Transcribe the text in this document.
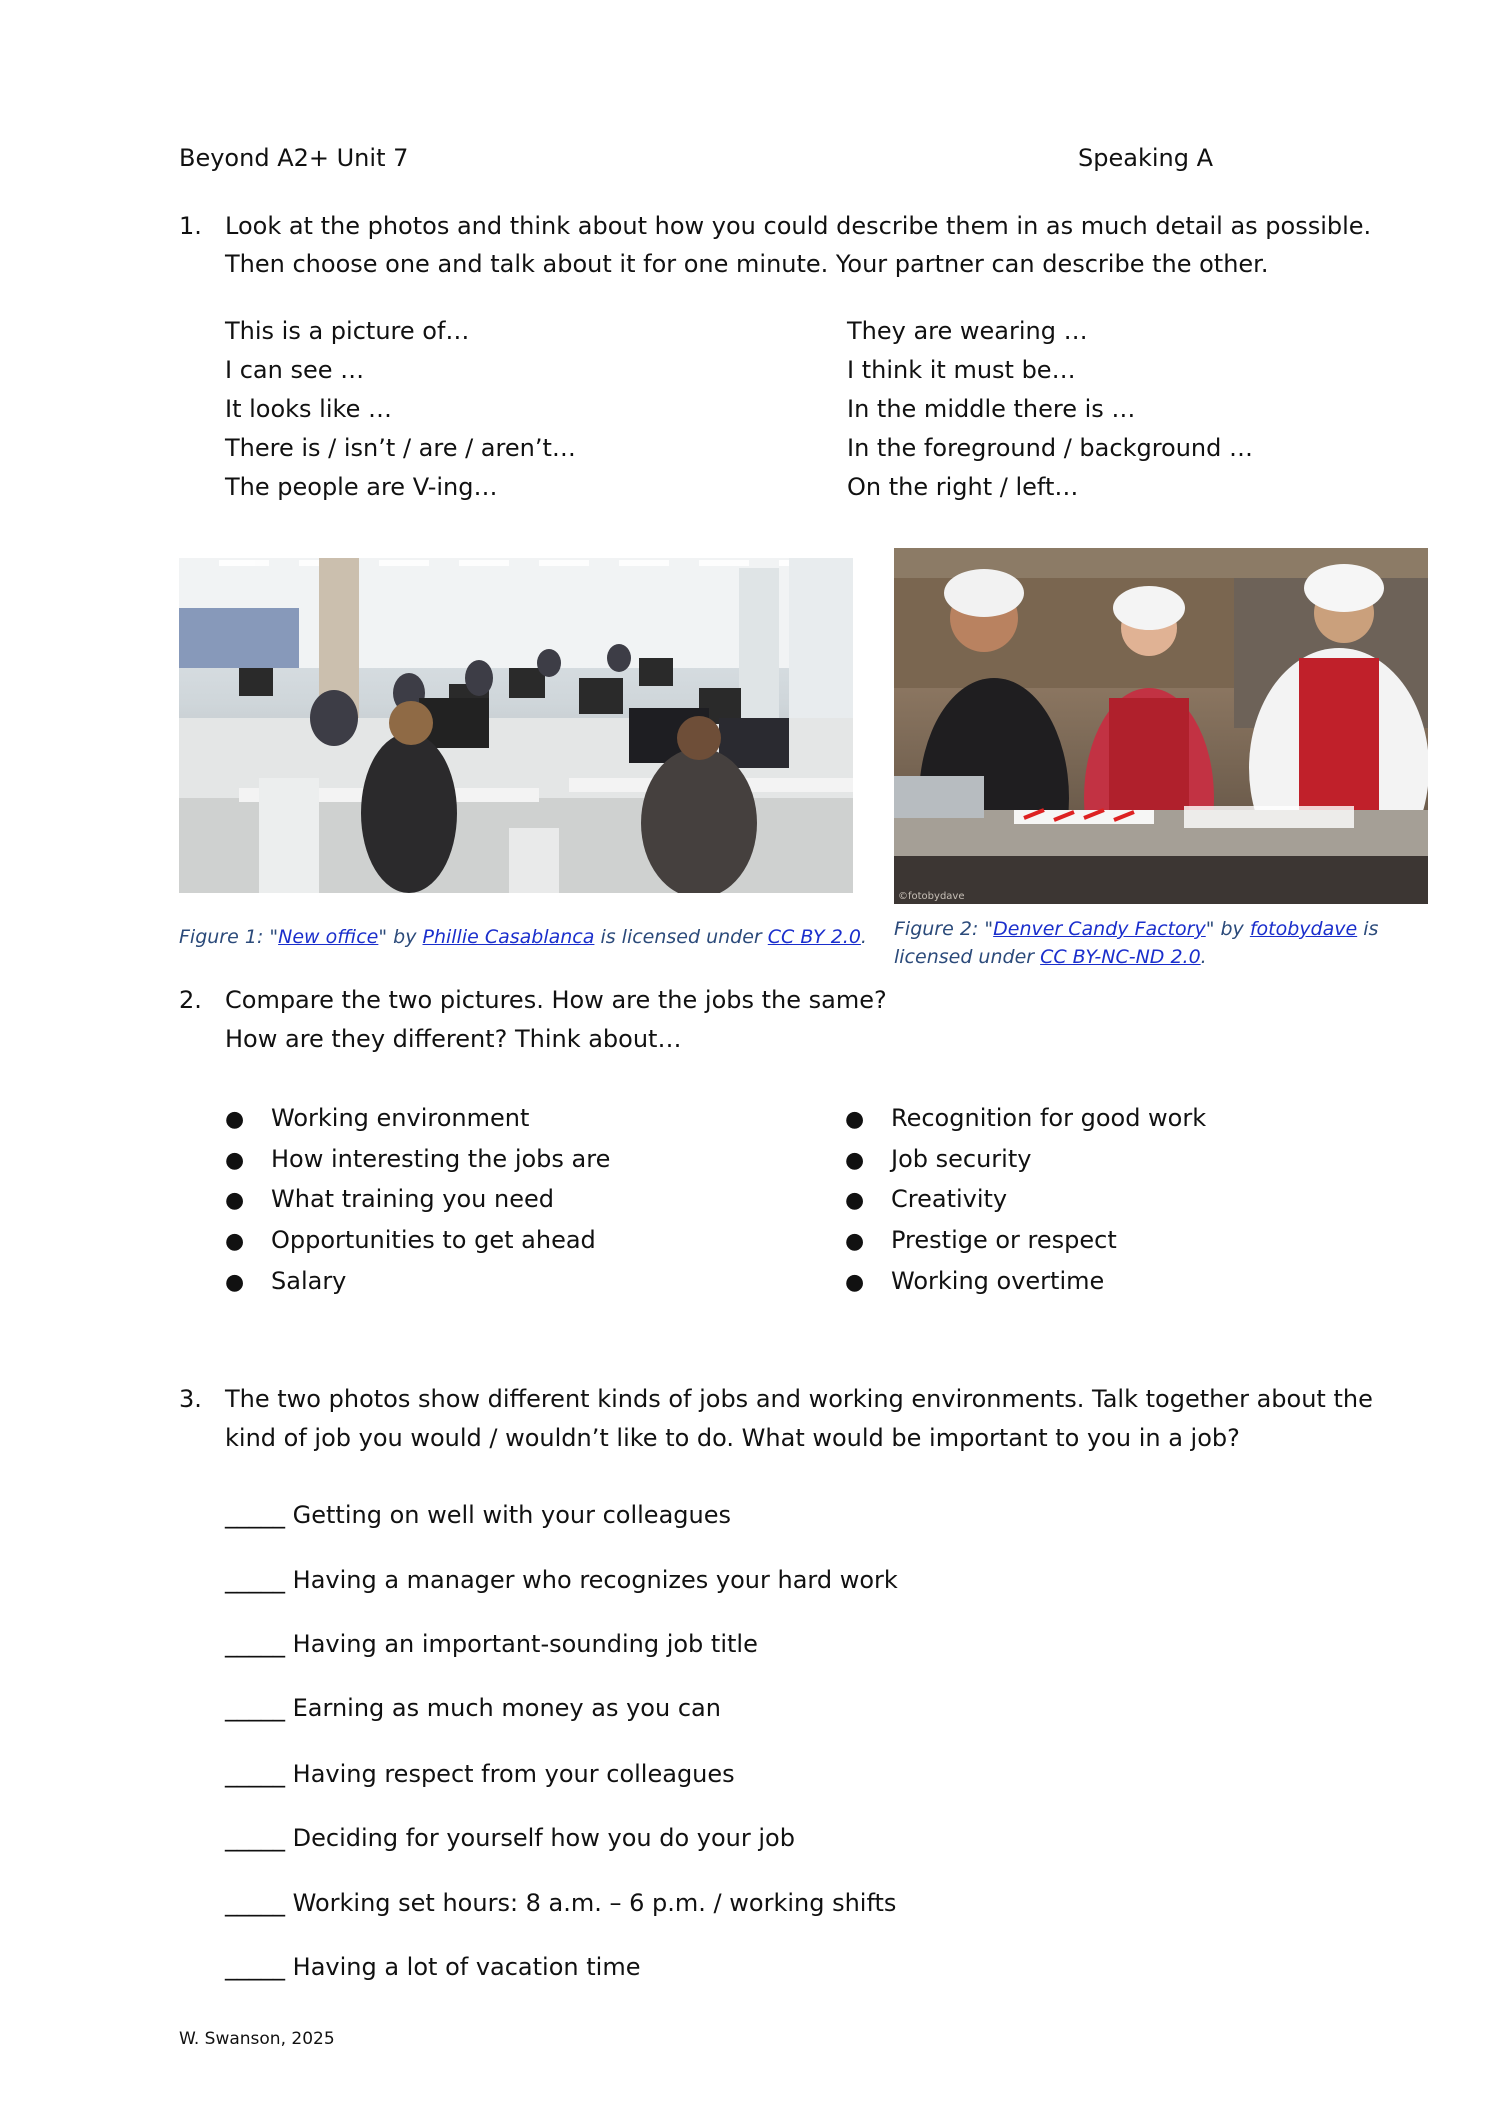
Beyond A2+ Unit 7	Speaking A
1. Look at the photos and think about how you could describe them in as much detail as possible.
Then choose one and talk about it for one minute. Your partner can describe the other.
This is a picture of…
I can see …
It looks like …
There is / isn’t / are / aren’t…
The people are V-ing…
They are wearing …
I think it must be…
In the middle there is …
In the foreground / background …
On the right / left…
©fotobydave
Figure 1: "New office" by Phillie Casablanca is licensed under CC BY 2.0. Figure 2: "Denver Candy Factory" by fotobydave is
licensed under CC BY-NC-ND 2.0.
2. Compare the two pictures. How are the jobs the same?
How are they different? Think about…
● Working environment
● How interesting the jobs are
● What training you need
● Opportunities to get ahead
● Salary
● Recognition for good work
● Job security
● Creativity
● Prestige or respect
● Working overtime
3. The two photos show different kinds of jobs and working environments. Talk together about the
kind of job you would / wouldn’t like to do. What would be important to you in a job?
_____ Getting on well with your colleagues
_____ Having a manager who recognizes your hard work
_____ Having an important-sounding job title
_____ Earning as much money as you can
_____ Having respect from your colleagues
_____ Deciding for yourself how you do your job
_____ Working set hours: 8 a.m. – 6 p.m. / working shifts
_____ Having a lot of vacation time
W. Swanson, 2025
